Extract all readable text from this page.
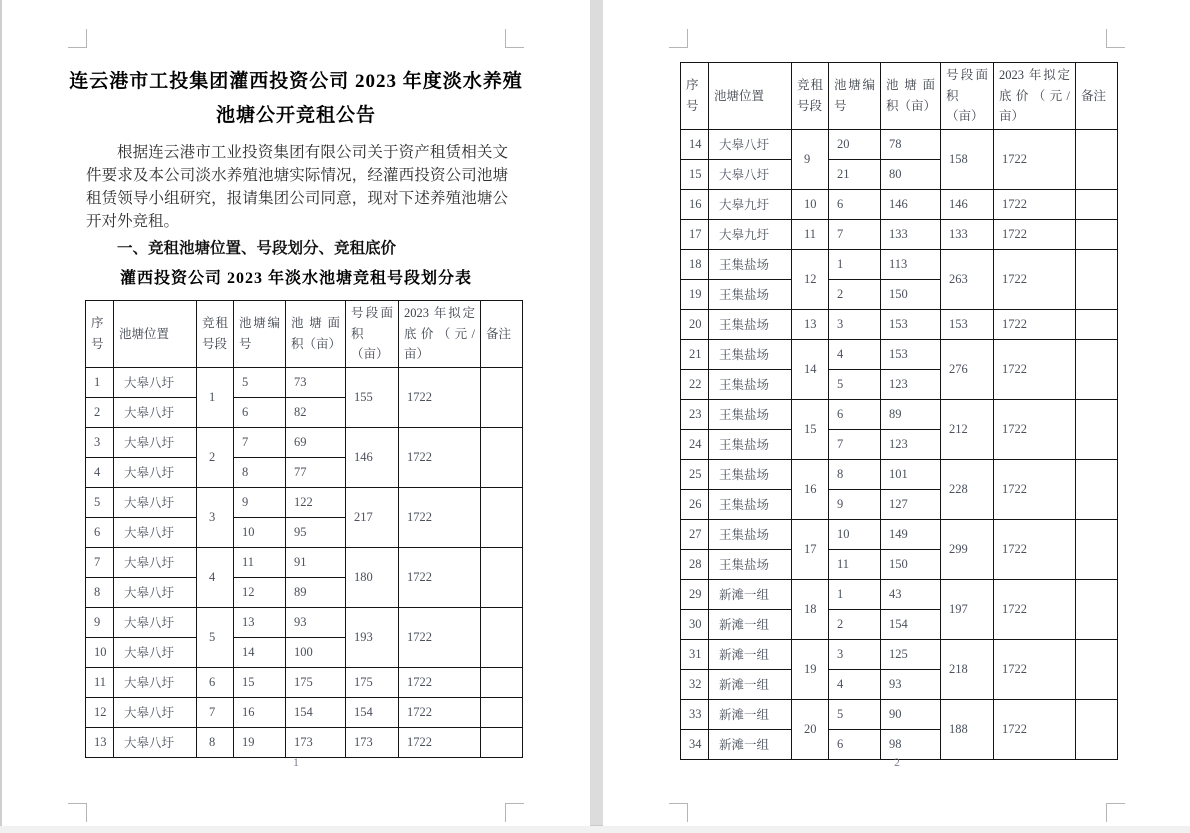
连云港市工投集团灌西投资公司 2023 年度淡水养殖
池塘公开竞租公告
根据连云港市工业投资集团有限公司关于资产租赁相关文件要求及本公司淡水养殖池塘实际情况，经灌西投资公司池塘租赁领导小组研究，报请集团公司同意，现对下述养殖池塘公开对外竞租。
一、竞租池塘位置、号段划分、竞租底价
灌西投资公司 2023 年淡水池塘竞租号段划分表
序号	池塘位置	竞租号段	池塘编号	池塘面积（亩）	号段面积（亩）	2023 年拟定底价（元/亩）	备注
1	大皋八圩	1	5	73	155	1722	
2	大皋八圩		6	82			
3	大皋八圩	2	7	69	146	1722	
4	大皋八圩		8	77			
5	大皋八圩	3	9	122	217	1722	
6	大皋八圩		10	95			
7	大皋八圩	4	11	91	180	1722	
8	大皋八圩		12	89			
9	大皋八圩	5	13	93	193	1722	
10	大皋八圩		14	100			
11	大皋八圩	6	15	175	175	1722	
12	大皋八圩	7	16	154	154	1722	
13	大皋八圩	8	19	173	173	1722	
1
序号	池塘位置	竞租号段	池塘编号	池塘面积（亩）	号段面积（亩）	2023 年拟定底价（元/亩）	备注
14	大皋八圩	9	20	78	158	1722	
15	大皋八圩		21	80			
16	大皋九圩	10	6	146	146	1722	
17	大皋九圩	11	7	133	133	1722	
18	王集盐场	12	1	113	263	1722	
19	王集盐场		2	150			
20	王集盐场	13	3	153	153	1722	
21	王集盐场	14	4	153	276	1722	
22	王集盐场		5	123			
23	王集盐场	15	6	89	212	1722	
24	王集盐场		7	123			
25	王集盐场	16	8	101	228	1722	
26	王集盐场		9	127			
27	王集盐场	17	10	149	299	1722	
28	王集盐场		11	150			
29	新滩一组	18	1	43	197	1722	
30	新滩一组		2	154			
31	新滩一组	19	3	125	218	1722	
32	新滩一组		4	93			
33	新滩一组	20	5	90	188	1722	
34	新滩一组		6	98			
2
